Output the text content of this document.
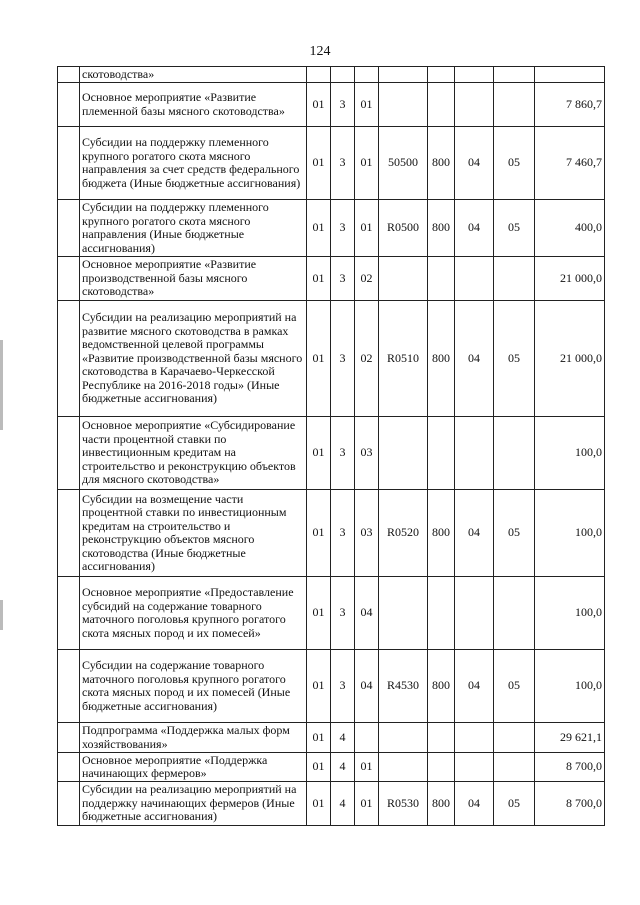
124
	скотоводства»								
	Основное мероприятие «Развитие племенной базы мясного скотоводства»	01	3	01					7 860,7
	Субсидии на поддержку племенного крупного рогатого скота мясного направления за счет средств федерального бюджета (Иные бюджетные ассигнования)	01	3	01	50500	800	04	05	7 460,7
	Субсидии на поддержку племенного крупного рогатого скота мясного направления (Иные бюджетные ассигнования)	01	3	01	R0500	800	04	05	400,0
	Основное мероприятие «Развитие производственной базы мясного скотоводства»	01	3	02					21 000,0
	Субсидии на реализацию мероприятий на развитие мясного скотоводства в рамках ведомственной целевой программы «Развитие производственной базы мясного скотоводства в Карачаево-Черкесской Республике на 2016-2018 годы» (Иные бюджетные ассигнования)	01	3	02	R0510	800	04	05	21 000,0
	Основное мероприятие «Субсидирование части процентной ставки по инвестиционным кредитам на строительство и реконструкцию объектов для мясного скотоводства»	01	3	03					100,0
	Субсидии на возмещение части процентной ставки по инвестиционным кредитам на строительство и реконструкцию объектов мясного скотоводства (Иные бюджетные ассигнования)	01	3	03	R0520	800	04	05	100,0
	Основное мероприятие «Предоставление субсидий на содержание товарного маточного поголовья крупного рогатого скота мясных пород и их помесей»	01	3	04					100,0
	Субсидии на содержание товарного маточного поголовья крупного рогатого скота мясных пород и их помесей (Иные бюджетные ассигнования)	01	3	04	R4530	800	04	05	100,0
	Подпрограмма «Поддержка малых форм хозяйствования»	01	4						29 621,1
	Основное мероприятие «Поддержка начинающих фермеров»	01	4	01					8 700,0
	Субсидии на реализацию мероприятий на поддержку начинающих фермеров (Иные бюджетные ассигнования)	01	4	01	R0530	800	04	05	8 700,0
